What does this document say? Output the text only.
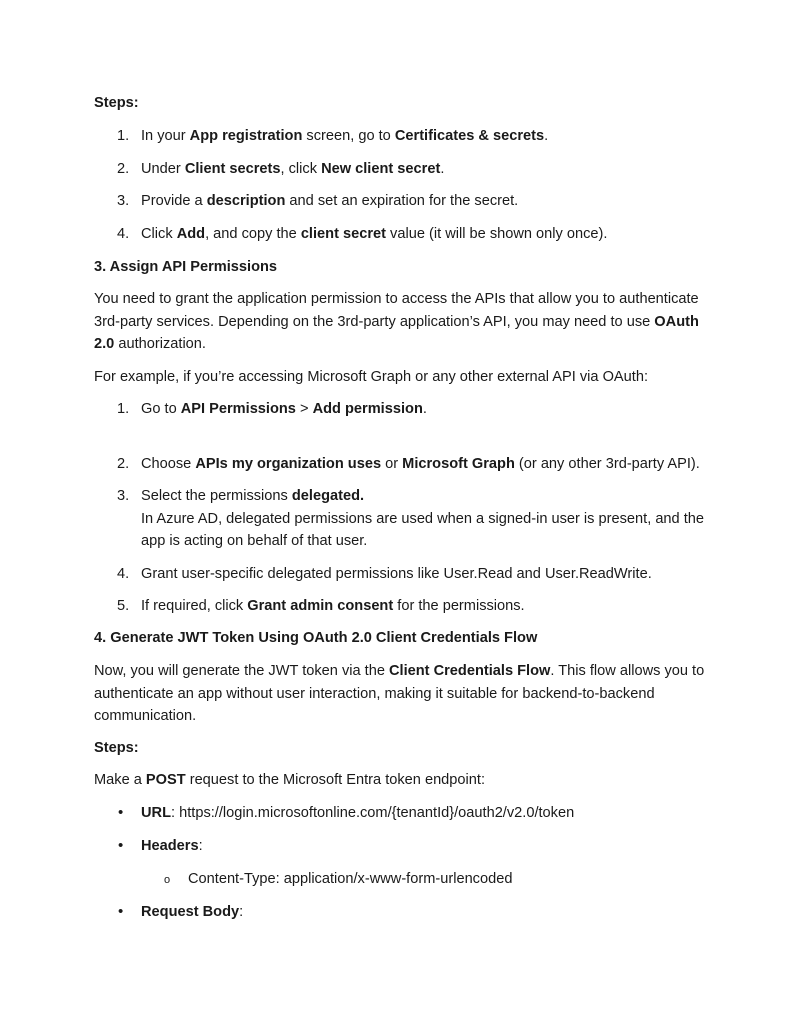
Steps:
1. In your App registration screen, go to Certificates & secrets.
2. Under Client secrets, click New client secret.
3. Provide a description and set an expiration for the secret.
4. Click Add, and copy the client secret value (it will be shown only once).
3. Assign API Permissions
You need to grant the application permission to access the APIs that allow you to authenticate 3rd-party services. Depending on the 3rd-party application’s API, you may need to use OAuth 2.0 authorization.
For example, if you’re accessing Microsoft Graph or any other external API via OAuth:
1. Go to API Permissions > Add permission.
2. Choose APIs my organization uses or Microsoft Graph (or any other 3rd-party API).
3. Select the permissions delegated.
In Azure AD, delegated permissions are used when a signed-in user is present, and the app is acting on behalf of that user.
4. Grant user-specific delegated permissions like User.Read and User.ReadWrite.
5. If required, click Grant admin consent for the permissions.
4. Generate JWT Token Using OAuth 2.0 Client Credentials Flow
Now, you will generate the JWT token via the Client Credentials Flow. This flow allows you to authenticate an app without user interaction, making it suitable for backend-to-backend communication.
Steps:
Make a POST request to the Microsoft Entra token endpoint:
• URL: https://login.microsoftonline.com/{tenantId}/oauth2/v2.0/token
• Headers:
o Content-Type: application/x-www-form-urlencoded
• Request Body:
